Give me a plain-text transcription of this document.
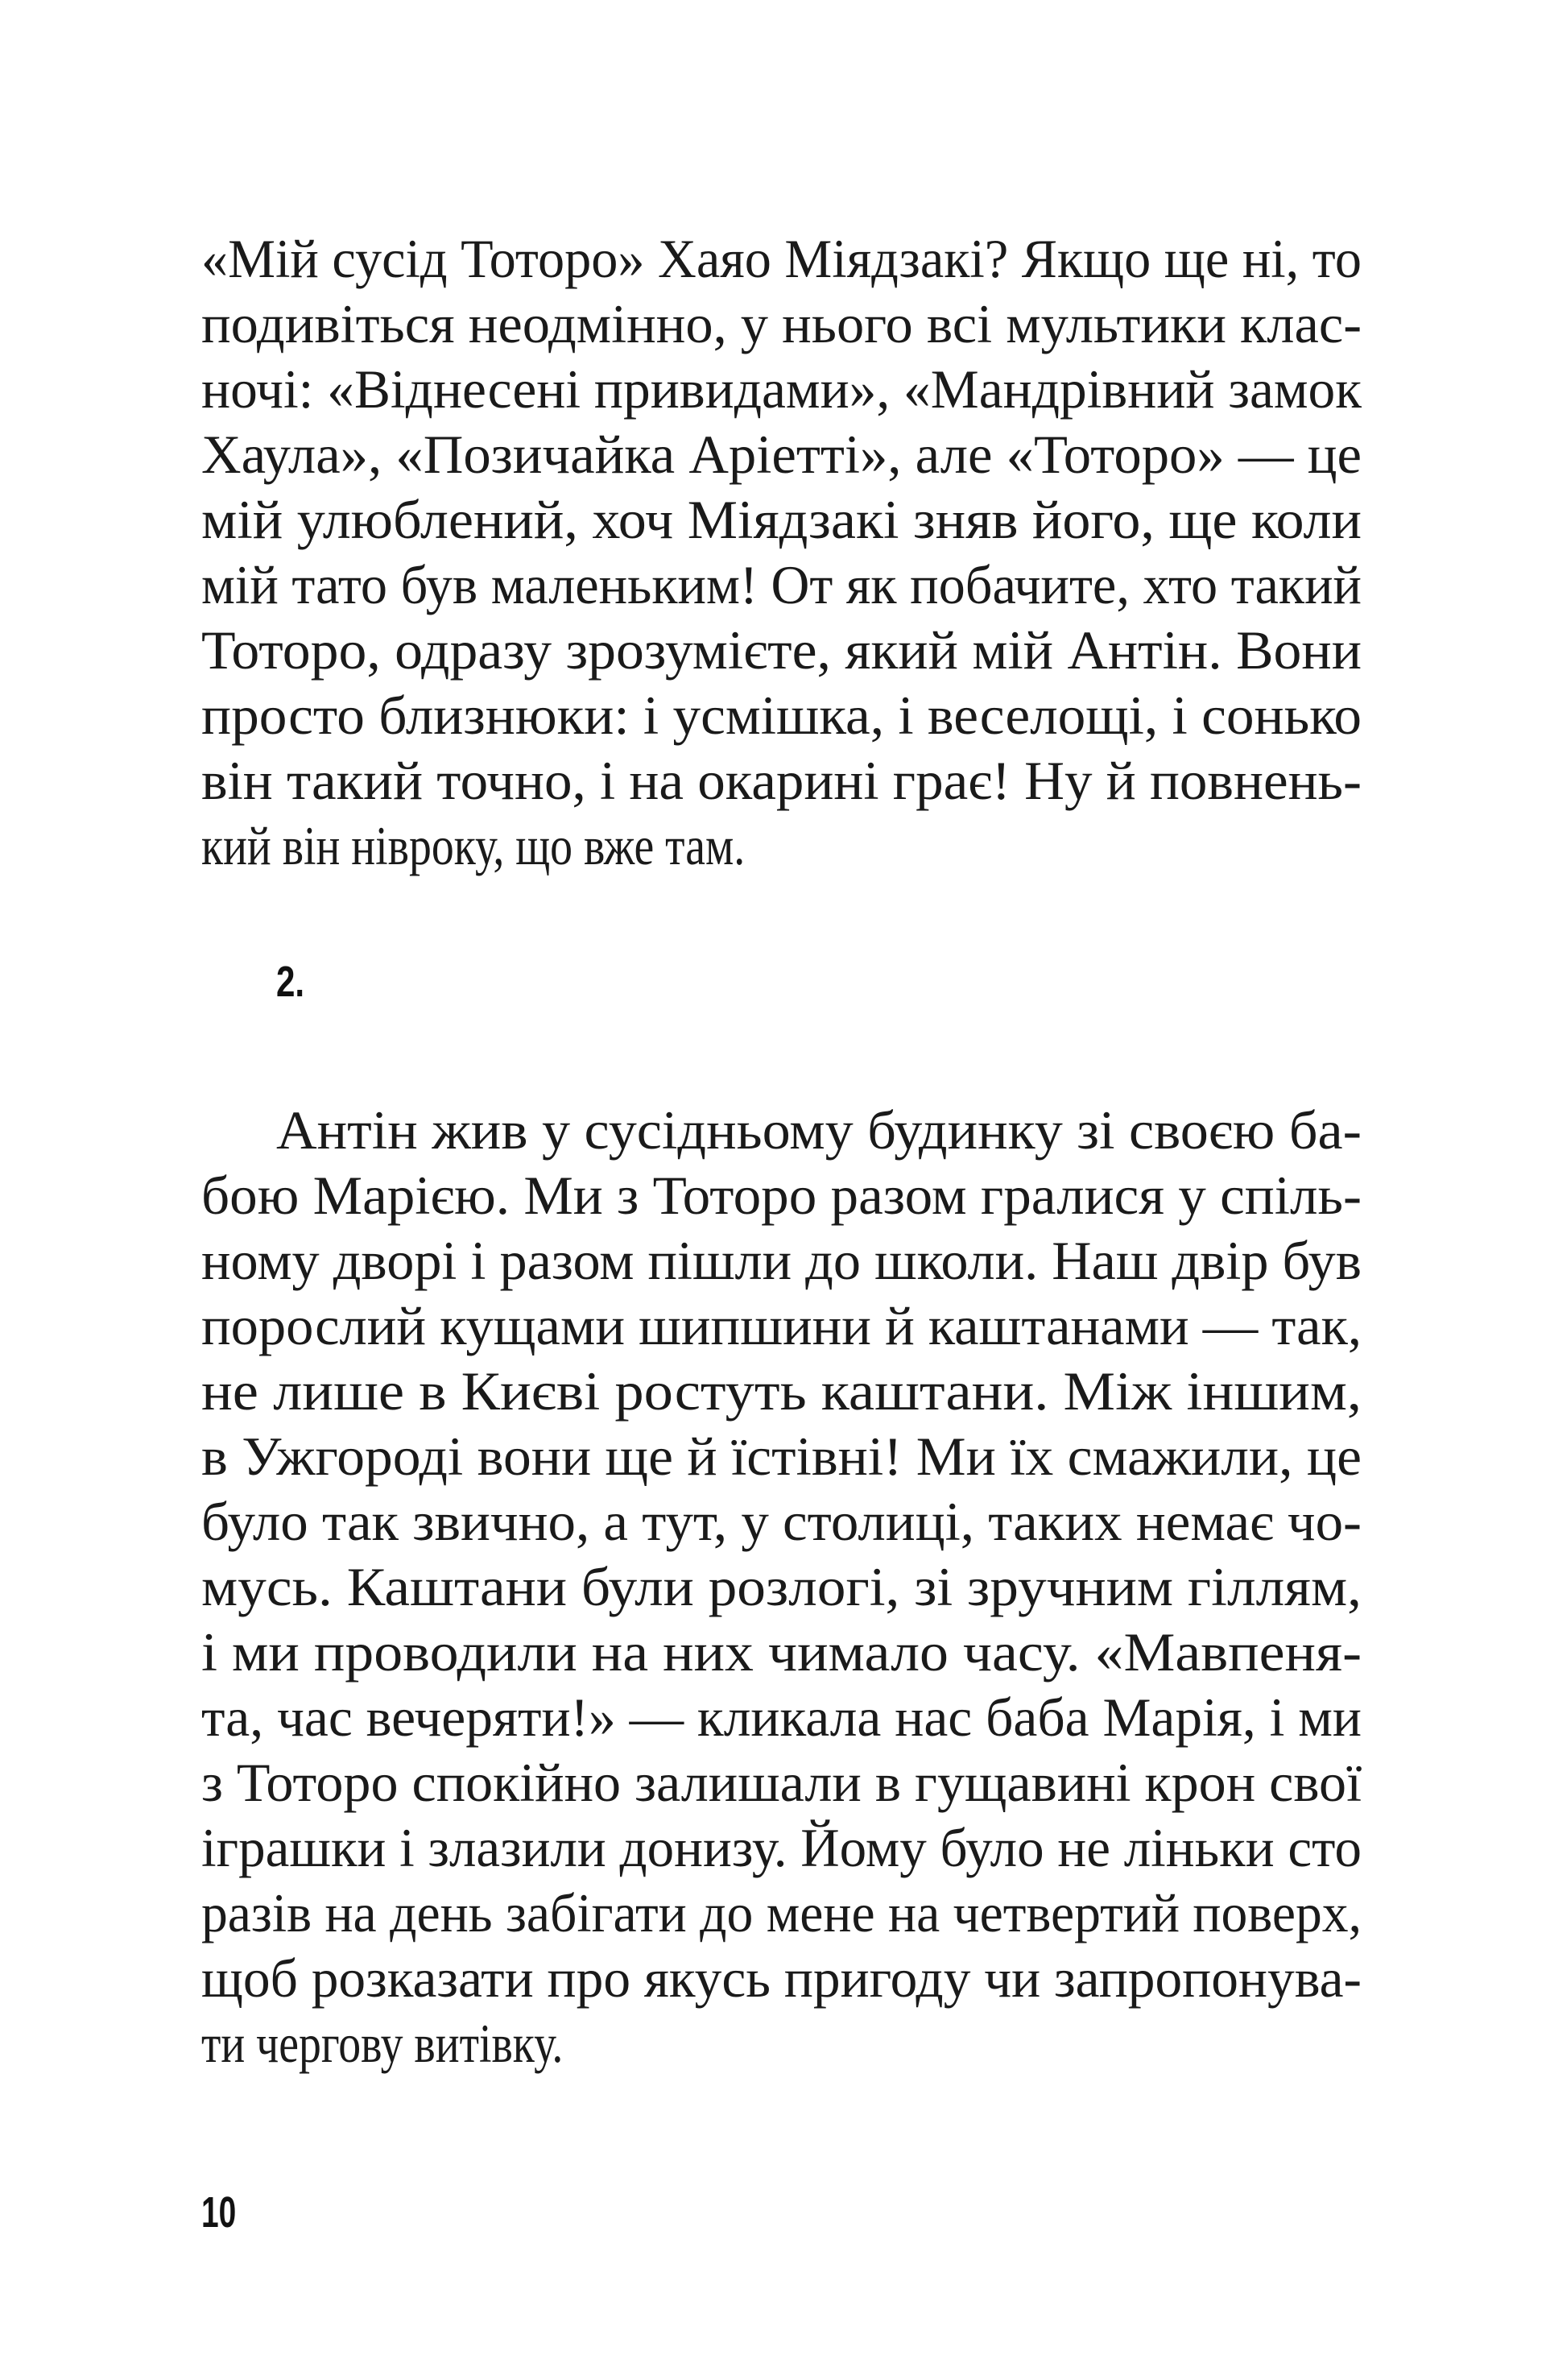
«Мій сусід Тоторо» Хаяо Міядзакі? Якщо ще ні, то
подивіться неодмінно, у нього всі мультики клас-
ночі: «Віднесені привидами», «Мандрівний замок
Хаула», «Позичайка Аріетті», але «Тоторо» — це
мій улюблений, хоч Міядзакі зняв його, ще коли
мій тато був маленьким! От як побачите, хто такий
Тоторо, одразу зрозумієте, який мій Антін. Вони
просто близнюки: і усмішка, і веселощі, і сонько
він такий точно, і на окарині грає! Ну й повнень-
кий він нівроку, що вже там.
2.
Антін жив у сусідньому будинку зі своєю ба-
бою Марією. Ми з Тоторо разом гралися у спіль-
ному дворі і разом пішли до школи. Наш двір був
порослий кущами шипшини й каштанами — так,
не лише в Києві ростуть каштани. Між іншим,
в Ужгороді вони ще й їстівні! Ми їх смажили, це
було так звично, а тут, у столиці, таких немає чо-
мусь. Каштани були розлогі, зі зручним гіллям,
і ми проводили на них чимало часу. «Мавпеня-
та, час вечеряти!» — кликала нас баба Марія, і ми
з Тоторо спокійно залишали в гущавині крон свої
іграшки і злазили донизу. Йому було не ліньки сто
разів на день забігати до мене на четвертий поверх,
щоб розказати про якусь пригоду чи запропонува-
ти чергову витівку.
10
